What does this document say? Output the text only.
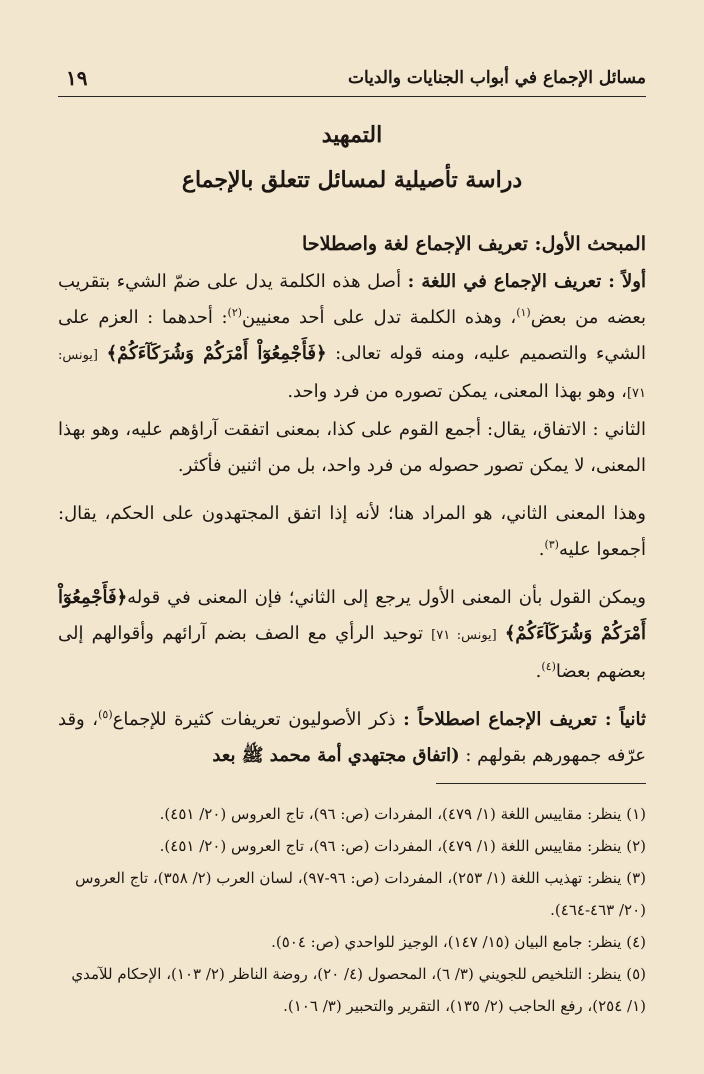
١٩	مسائل الإجماع في أبواب الجنايات والديات
التمهيد
دراسة تأصيلية لمسائل تتعلق بالإجماع

المبحث الأول: تعريف الإجماع لغة واصطلاحا

أولاً : تعريف الإجماع في اللغة : أصل هذه الكلمة يدل على ضمّ الشيء بتقريب بعضه من بعض$^{(١)}$، وهذه الكلمة تدل على أحد معنيين$^{(٢)}$: أحدهما : العزم على الشيء والتصميم عليه، ومنه قوله تعالى: ﴿فَأَجْمِعُوٓاْ أَمْرَكُمْ وَشُرَكَآءَكُمْ﴾ [يونس: ٧١]، وهو بهذا المعنى، يمكن تصوره من فرد واحد.

الثاني : الاتفاق، يقال: أجمع القوم على كذا، بمعنى اتفقت آراؤهم عليه، وهو بهذا المعنى، لا يمكن تصور حصوله من فرد واحد، بل من اثنين فأكثر.

وهذا المعنى الثاني، هو المراد هنا؛ لأنه إذا اتفق المجتهدون على الحكم، يقال: أجمعوا عليه$^{(٣)}$.

ويمكن القول بأن المعنى الأول يرجع إلى الثاني؛ فإن المعنى في قوله﴿فَأَجْمِعُوٓاْ أَمْرَكُمْ وَشُرَكَآءَكُمْ﴾ [يونس: ٧١] توحيد الرأي مع الصف بضم آرائهم وأقوالهم إلى بعضهم بعضا$^{(٤)}$.

ثانياً : تعريف الإجماع اصطلاحاً : ذكر الأصوليون تعريفات كثيرة للإجماع$^{(٥)}$، وقد عرّفه جمهورهم بقولهم : (اتفاق مجتهدي أمة محمد ﷺ بعد

(١) ينظر: مقاييس اللغة (١/ ٤٧٩)، المفردات (ص: ٩٦)، تاج العروس (٢٠/ ٤٥١).

(٢) ينظر: مقاييس اللغة (١/ ٤٧٩)، المفردات (ص: ٩٦)، تاج العروس (٢٠/ ٤٥١).

(٣) ينظر: تهذيب اللغة (١/ ٢٥٣)، المفردات (ص: ٩٦-٩٧)، لسان العرب (٢/ ٣٥٨)، تاج العروس (٢٠/ ٤٦٣-٤٦٤).

(٤) ينظر: جامع البيان (١٥/ ١٤٧)، الوجيز للواحدي (ص: ٥٠٤).

(٥) ينظر: التلخيص للجويني (٣/ ٦)، المحصول (٤/ ٢٠)، روضة الناظر (٢/ ١٠٣)، الإحكام للآمدي (١/ ٢٥٤)، رفع الحاجب (٢/ ١٣٥)، التقرير والتحبير (٣/ ١٠٦).
